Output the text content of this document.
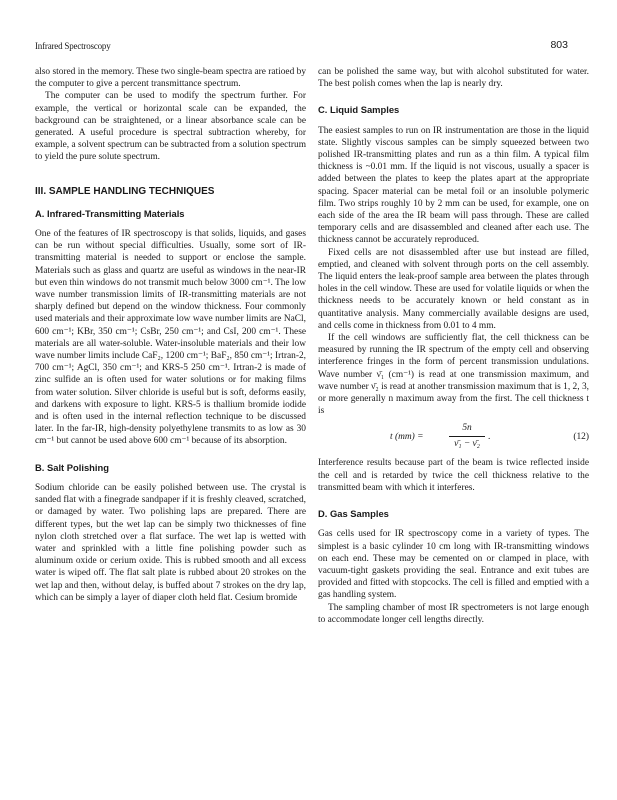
Infrared Spectroscopy	803

also stored in the memory. These two single-beam spectra are ratioed by the computer to give a percent transmittance spectrum.

The computer can be used to modify the spectrum further. For example, the vertical or horizontal scale can be expanded, the background can be straightened, or a linear absorbance scale can be generated. A useful procedure is spectral subtraction whereby, for example, a solvent spectrum can be subtracted from a solution spectrum to yield the pure solute spectrum.

III. SAMPLE HANDLING TECHNIQUES
A. Infrared-Transmitting Materials

One of the features of IR spectroscopy is that solids, liquids, and gases can be run without special difficulties. Usually, some sort of IR-transmitting material is needed to support or enclose the sample. Materials such as glass and quartz are useful as windows in the near-IR but even thin windows do not transmit much below 3000 cm⁻¹. The low wave number transmission limits of IR-transmitting materials are not sharply defined but depend on the window thickness. Four commonly used materials and their approximate low wave number limits are NaCl, 600 cm⁻¹; KBr, 350 cm⁻¹; CsBr, 250 cm⁻¹; and CsI, 200 cm⁻¹. These materials are all water-soluble. Water-insoluble materials and their low wave number limits include CaF₂, 1200 cm⁻¹; BaF₂, 850 cm⁻¹; Irtran-2, 700 cm⁻¹; AgCl, 350 cm⁻¹; and KRS-5 250 cm⁻¹. Irtran-2 is made of zinc sulfide an is often used for water solutions or for making films from water solution. Silver chloride is useful but is soft, deforms easily, and darkens with exposure to light. KRS-5 is thallium bromide iodide and is often used in the internal reflection technique to be discussed later. In the far-IR, high-density polyethylene transmits to as low as 30 cm⁻¹ but cannot be used above 600 cm⁻¹ because of its absorption.

B. Salt Polishing

Sodium chloride can be easily polished between use. The crystal is sanded flat with a finegrade sandpaper if it is freshly cleaved, scratched, or damaged by water. Two polishing laps are prepared. There are different types, but the wet lap can be simply two thicknesses of fine nylon cloth stretched over a flat surface. The wet lap is wetted with water and sprinkled with a little fine polishing powder such as aluminum oxide or cerium oxide. This is rubbed smooth and all excess water is wiped off. The flat salt plate is rubbed about 20 strokes on the wet lap and then, without delay, is buffed about 7 strokes on the dry lap, which can be simply a layer of diaper cloth held flat. Cesium bromide

can be polished the same way, but with alcohol substituted for water. The best polish comes when the lap is nearly dry.

C. Liquid Samples

The easiest samples to run on IR instrumentation are those in the liquid state. Slightly viscous samples can be simply squeezed between two polished IR-transmitting plates and run as a thin film. A typical film thickness is ~0.01 mm. If the liquid is not viscous, usually a spacer is added between the plates to keep the plates apart at the appropriate spacing. Spacer material can be metal foil or an insoluble polymeric film. Two strips roughly 10 by 2 mm can be used, for example, one on each side of the area the IR beam will pass through. These are called temporary cells and are disassembled and cleaned after each use. The thickness cannot be accurately reproduced.

Fixed cells are not disassembled after use but instead are filled, emptied, and cleaned with solvent through ports on the cell assembly. The liquid enters the leak-proof sample area between the plates through holes in the cell window. These are used for volatile liquids or when the thickness needs to be accurately known or held constant as in quantitative analysis. Many commercially available designs are used, and cells come in thickness from 0.01 to 4 mm.

If the cell windows are sufficiently flat, the cell thickness can be measured by running the IR spectrum of the empty cell and observing interference fringes in the form of percent transmission undulations. Wave number ν̄₁ (cm⁻¹) is read at one transmission maximum, and wave number ν̄₂ is read at another transmission maximum that is 1, 2, 3, or more generally n maximum away from the first. The cell thickness t is

t (mm) =
5n
ν̄₁ − ν̄₂
.	(12)

Interference results because part of the beam is twice reflected inside the cell and is retarded by twice the cell thickness relative to the transmitted beam with which it interferes.

D. Gas Samples

Gas cells used for IR spectroscopy come in a variety of types. The simplest is a basic cylinder 10 cm long with IR-transmitting windows on each end. These may be cemented on or clamped in place, with vacuum-tight gaskets providing the seal. Entrance and exit tubes are provided and fitted with stopcocks. The cell is filled and emptied with a gas handling system.

The sampling chamber of most IR spectrometers is not large enough to accommodate longer cell lengths directly.
